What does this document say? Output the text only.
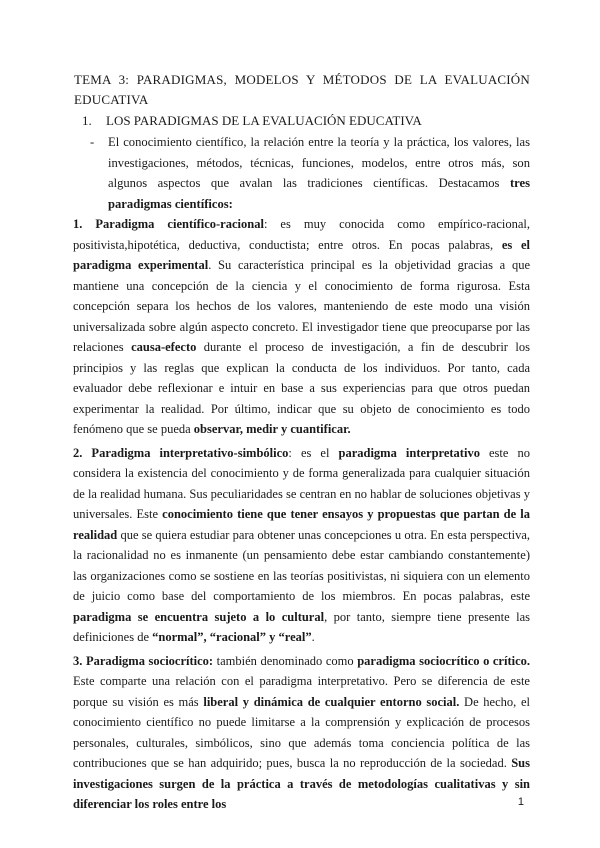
TEMA 3: PARADIGMAS, MODELOS Y MÉTODOS DE LA EVALUACIÓN
EDUCATIVA
1. LOS PARADIGMAS DE LA EVALUACIÓN EDUCATIVA
- El conocimiento científico, la relación entre la teoría y la práctica, los valores, las investigaciones, métodos, técnicas, funciones, modelos, entre otros más, son algunos aspectos que avalan las tradiciones científicas. Destacamos tres paradigmas científicos:

1. Paradigma científico-racional: es muy conocida como empírico-racional, positivista,hipotética, deductiva, conductista; entre otros. En pocas palabras, es el paradigma experimental. Su característica principal es la objetividad gracias a que mantiene una concepción de la ciencia y el conocimiento de forma rigurosa. Esta concepción separa los hechos de los valores, manteniendo de este modo una visión universalizada sobre algún aspecto concreto. El investigador tiene que preocuparse por las relaciones causa-efecto durante el proceso de investigación, a fin de descubrir los principios y las reglas que explican la conducta de los individuos. Por tanto, cada evaluador debe reflexionar e intuir en base a sus experiencias para que otros puedan experimentar la realidad. Por último, indicar que su objeto de conocimiento es todo fenómeno que se pueda observar, medir y cuantificar.

2. Paradigma interpretativo-simbólico: es el paradigma interpretativo este no considera la existencia del conocimiento y de forma generalizada para cualquier situación de la realidad humana. Sus peculiaridades se centran en no hablar de soluciones objetivas y universales. Este conocimiento tiene que tener ensayos y propuestas que partan de la realidad que se quiera estudiar para obtener unas concepciones u otra. En esta perspectiva, la racionalidad no es inmanente (un pensamiento debe estar cambiando constantemente) las organizaciones como se sostiene en las teorías positivistas, ni siquiera con un elemento de juicio como base del comportamiento de los miembros. En pocas palabras, este paradigma se encuentra sujeto a lo cultural, por tanto, siempre tiene presente las definiciones de “normal”, “racional” y “real”.

3. Paradigma sociocrítico: también denominado como paradigma sociocrítico o crítico. Este comparte una relación con el paradigma interpretativo. Pero se diferencia de este porque su visión es más liberal y dinámica de cualquier entorno social. De hecho, el conocimiento científico no puede limitarse a la comprensión y explicación de procesos personales, culturales, simbólicos, sino que además toma conciencia política de las contribuciones que se han adquirido; pues, busca la no reproducción de la sociedad. Sus investigaciones surgen de la práctica a través de metodologías cualitativas y sin diferenciar los roles entre los	1
